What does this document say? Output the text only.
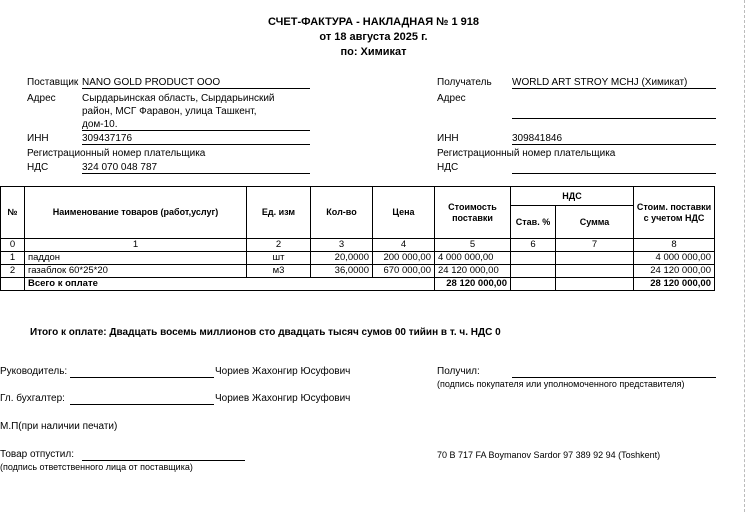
СЧЕТ-ФАКТУРА - НАКЛАДНАЯ № 1 918
от 18 августа 2025 г.
по: Химикат
Поставщик NANO GOLD PRODUCT OOO
Адрес	Сырдарьинская область, Сырдарьинский
район, МСГ Фаравон, улица Ташкент,
дом-10.
ИНН	309437176
Регистрационный номер плательщика
НДС	324 070 048 787
Получатель WORLD ART STROY MCHJ (Химикат)
Адрес
ИНН	309841846
Регистрационный номер плательщика
НДС
№	Наименование товаров (работ,услуг)	Ед. изм	Кол-во	Цена	Стоимость поставки	НДС		Стоим. поставки с учетом НДС
						Став. %	Сумма	
0	1	2	3	4	5	6	7	8
1	паддон	шт	20,0000	200 000,00	4 000 000,00			4 000 000,00
2	газаблок 60*25*20	м3	36,0000	670 000,00	24 120 000,00			24 120 000,00
	Всего к оплате				28 120 000,00			28 120 000,00
Итого к оплате: Двадцать восемь миллионов сто двадцать тысяч сумов 00 тийин в т. ч. НДС 0
Руководитель:	Чориев Жахонгир Юсуфович
Гл. бухгалтер:	Чориев Жахонгир Юсуфович
М.П(при наличии печати)
Товар отпустил:
(подпись ответственного лица от поставщика)
Получил:
(подпись покупателя или уполномоченного представителя)
70 B 717 FA Boymanov Sardor 97 389 92 94 (Toshkent)
